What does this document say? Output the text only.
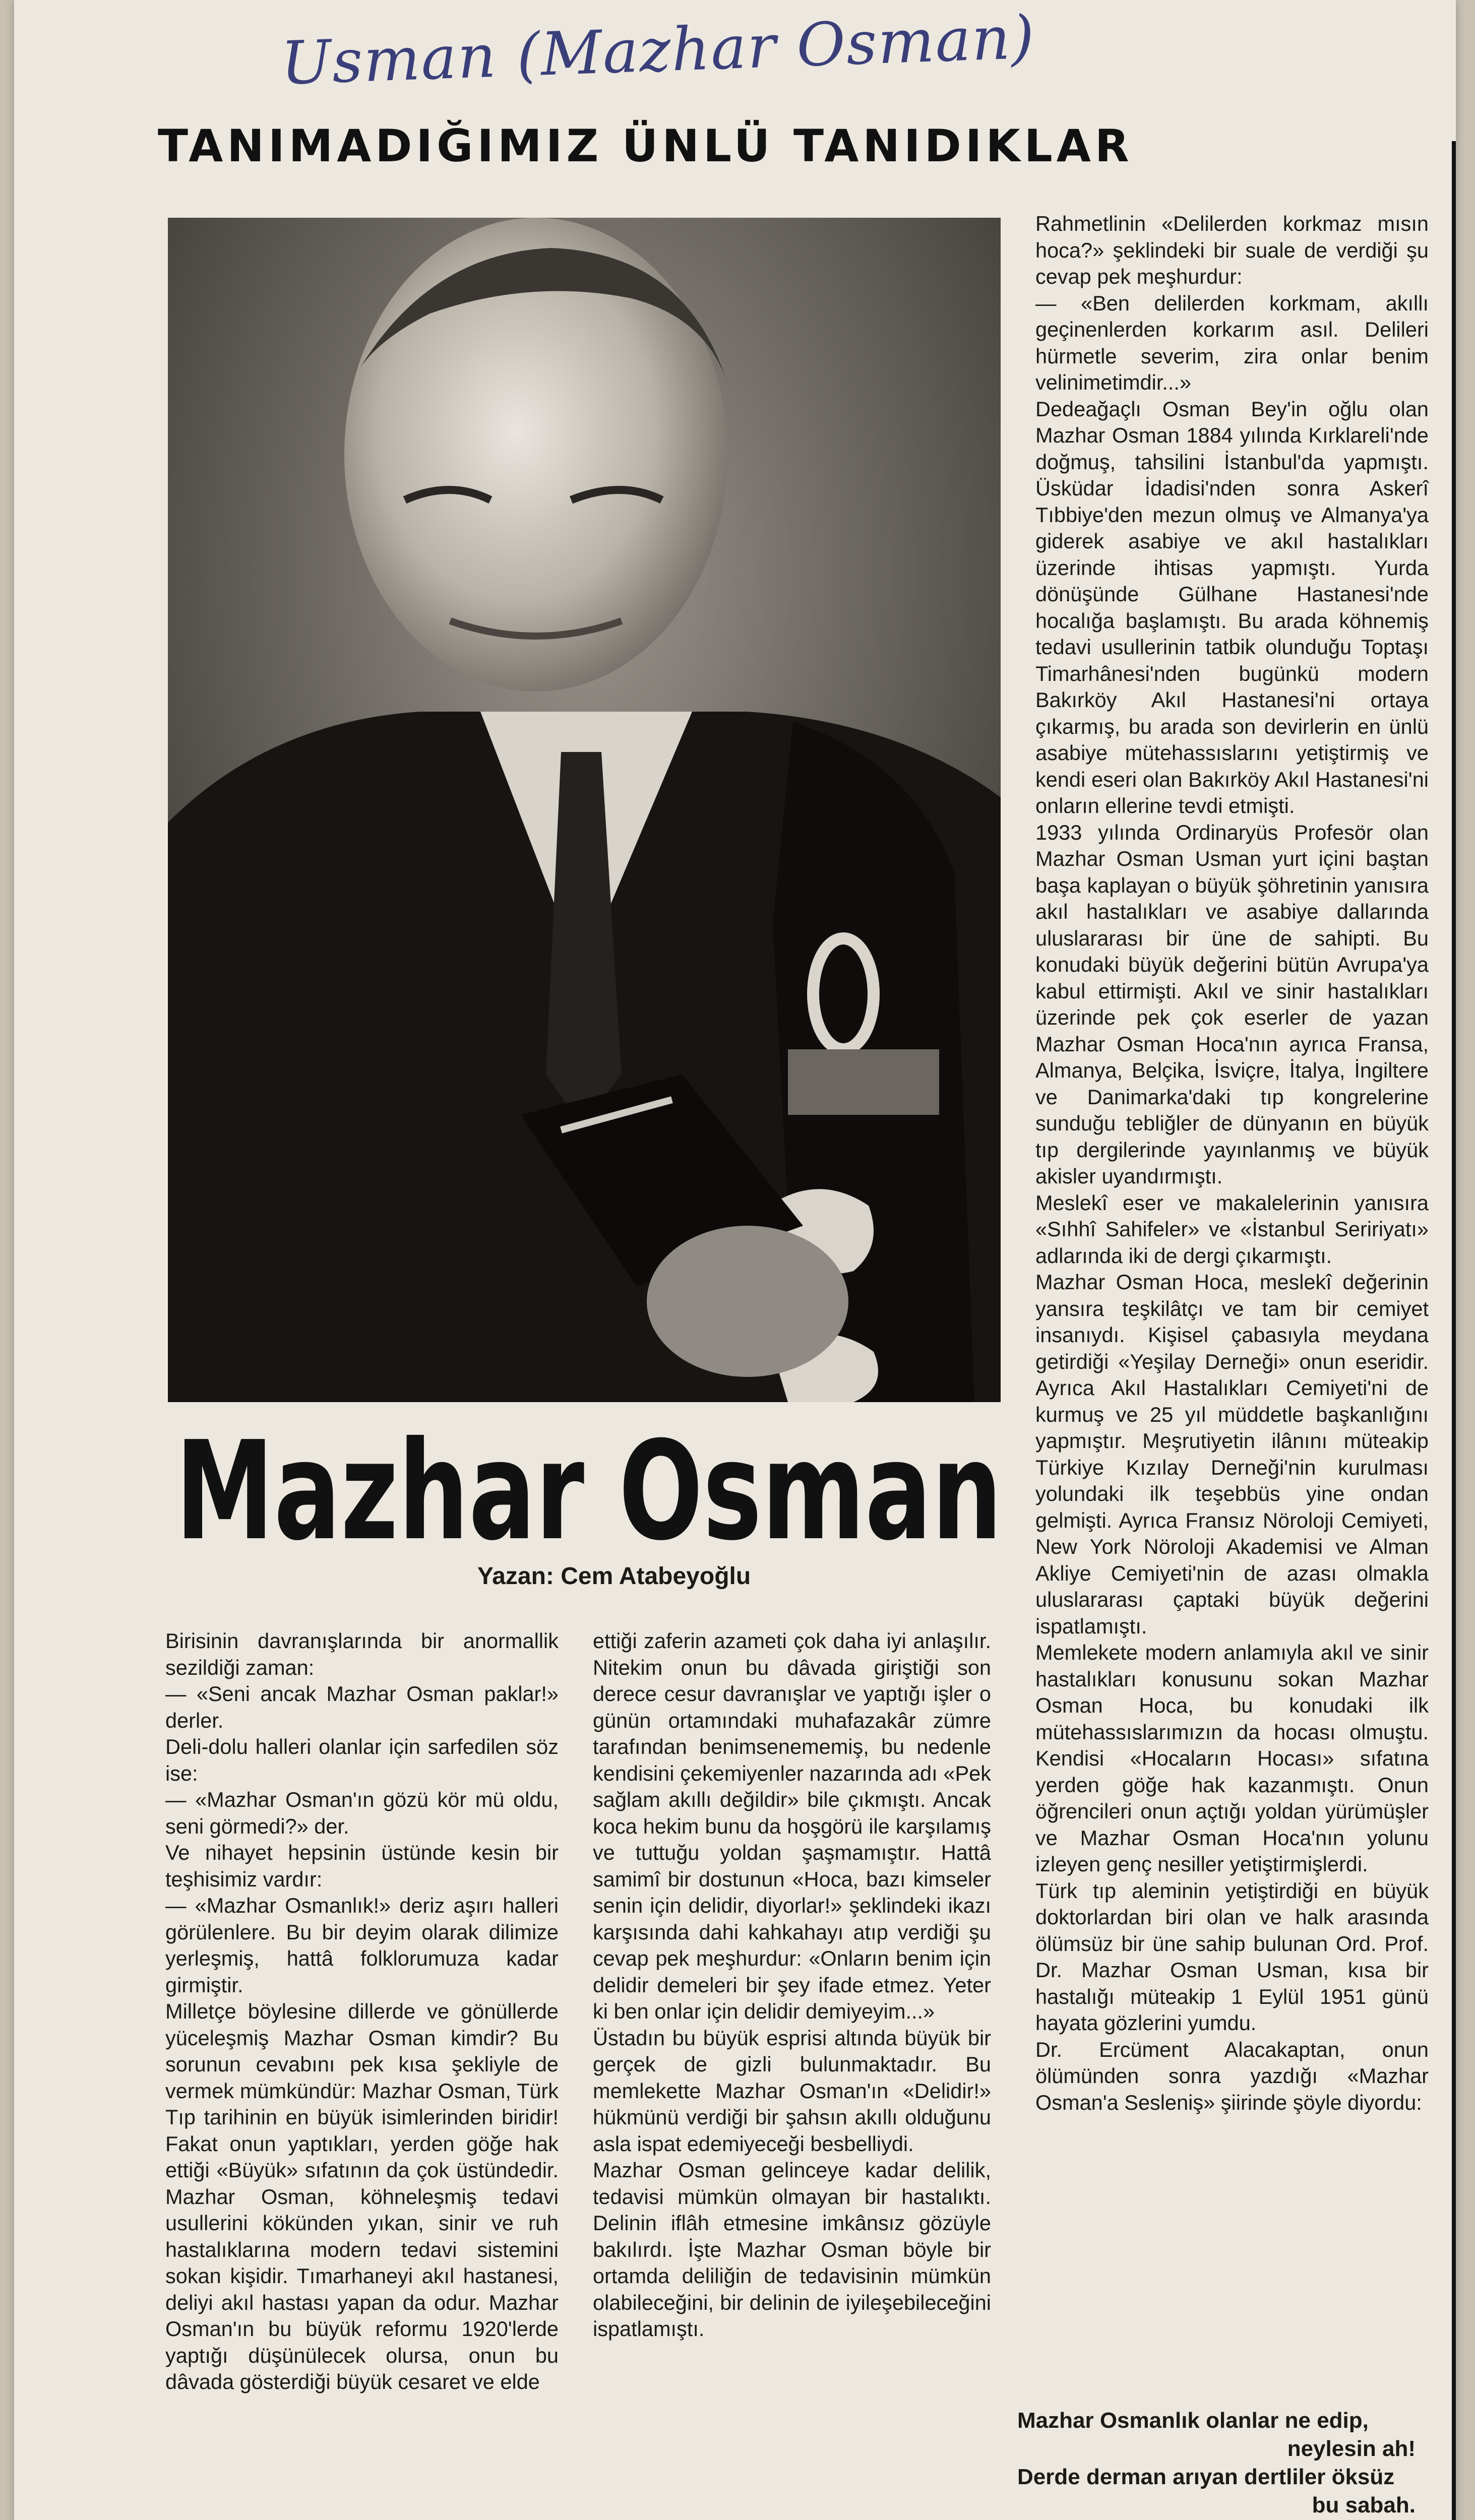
Usman (Mazhar Osman)
TANIMADIĞIMIZ ÜNLÜ TANIDIKLAR
Mazhar Osman
Yazan: Cem Atabeyoğlu

Birisinin davranışlarında bir anormallik sezildiği zaman:

— «Seni ancak Mazhar Osman paklar!» derler.

Deli-dolu halleri olanlar için sarfedilen söz ise:

— «Mazhar Osman'ın gözü kör mü oldu, seni görmedi?» der.

Ve nihayet hepsinin üstünde kesin bir teşhisimiz vardır:

— «Mazhar Osmanlık!» deriz aşırı halleri görülenlere. Bu bir deyim olarak dilimize yerleşmiş, hattâ folklorumuza kadar girmiştir.

Milletçe böylesine dillerde ve gönüllerde yüceleşmiş Mazhar Osman kimdir? Bu sorunun cevabını pek kısa şekliyle de vermek mümkündür: Mazhar Osman, Türk Tıp tarihinin en büyük isimlerinden biridir! Fakat onun yaptıkları, yerden göğe hak ettiği «Büyük» sıfatının da çok üstündedir. Mazhar Osman, köhneleşmiş tedavi usullerini kökünden yıkan, sinir ve ruh hastalıklarına modern tedavi sistemini sokan kişidir. Tımarhaneyi akıl hastanesi, deliyi akıl hastası yapan da odur. Mazhar Osman'ın bu büyük reformu 1920'lerde yaptığı düşünülecek olursa, onun bu dâvada gösterdiği büyük cesaret ve elde

ettiği zaferin azameti çok daha iyi anlaşılır. Nitekim onun bu dâvada giriştiği son derece cesur davranışlar ve yaptığı işler o günün ortamındaki muhafazakâr zümre tarafından benimsenememiş, bu nedenle kendisini çekemiyenler nazarında adı «Pek sağlam akıllı değildir» bile çıkmıştı. Ancak koca hekim bunu da hoşgörü ile karşılamış ve tuttuğu yoldan şaşmamıştır. Hattâ samimî bir dostunun «Hoca, bazı kimseler senin için delidir, diyorlar!» şeklindeki ikazı karşısında dahi kahkahayı atıp verdiği şu cevap pek meşhurdur: «Onların benim için delidir demeleri bir şey ifade etmez. Yeter ki ben onlar için delidir demiyeyim...»

Üstadın bu büyük esprisi altında büyük bir gerçek de gizli bulunmaktadır. Bu memlekette Mazhar Osman'ın «Delidir!» hükmünü verdiği bir şahsın akıllı olduğunu asla ispat edemiyeceği besbelliydi.

Mazhar Osman gelinceye kadar delilik, tedavisi mümkün olmayan bir hastalıktı. Delinin iflâh etmesine imkânsız gözüyle bakılırdı. İşte Mazhar Osman böyle bir ortamda deliliğin de tedavisinin mümkün olabileceğini, bir delinin de iyileşebileceğini ispatlamıştı.

Rahmetlinin «Delilerden korkmaz mısın hoca?» şeklindeki bir suale de verdiği şu cevap pek meşhurdur:

— «Ben delilerden korkmam, akıllı geçinenlerden korkarım asıl. Delileri hürmetle severim, zira onlar benim velinimetimdir...»

Dedeağaçlı Osman Bey'in oğlu olan Mazhar Osman 1884 yılında Kırklareli'nde doğmuş, tahsilini İstanbul'da yapmıştı. Üsküdar İdadisi'nden sonra Askerî Tıbbiye'den mezun olmuş ve Almanya'ya giderek asabiye ve akıl hastalıkları üzerinde ihtisas yapmıştı. Yurda dönüşünde Gülhane Hastanesi'nde hocalığa başlamıştı. Bu arada köhnemiş tedavi usullerinin tatbik olunduğu Toptaşı Timarhânesi'nden bugünkü modern Bakırköy Akıl Hastanesi'ni ortaya çıkarmış, bu arada son devirlerin en ünlü asabiye mütehassıslarını yetiştirmiş ve kendi eseri olan Bakırköy Akıl Hastanesi'ni onların ellerine tevdi etmişti.

1933 yılında Ordinaryüs Profesör olan Mazhar Osman Usman yurt içini baştan başa kaplayan o büyük şöhretinin yanısıra akıl hastalıkları ve asabiye dallarında uluslararası bir üne de sahipti. Bu konudaki büyük değerini bütün Avrupa'ya kabul ettirmişti. Akıl ve sinir hastalıkları üzerinde pek çok eserler de yazan Mazhar Osman Hoca'nın ayrıca Fransa, Almanya, Belçika, İsviçre, İtalya, İngiltere ve Danimarka'daki tıp kongrelerine sunduğu tebliğler de dünyanın en büyük tıp dergilerinde yayınlanmış ve büyük akisler uyandırmıştı.

Meslekî eser ve makalelerinin yanısıra «Sıhhî Sahifeler» ve «İstanbul Seririyatı» adlarında iki de dergi çıkarmıştı.

Mazhar Osman Hoca, meslekî değerinin yansıra teşkilâtçı ve tam bir cemiyet insanıydı. Kişisel çabasıyla meydana getirdiği «Yeşilay Derneği» onun eseridir. Ayrıca Akıl Hastalıkları Cemiyeti'ni de kurmuş ve 25 yıl müddetle başkanlığını yapmıştır. Meşrutiyetin ilânını müteakip Türkiye Kızılay Derneği'nin kurulması yolundaki ilk teşebbüs yine ondan gelmişti. Ayrıca Fransız Nöroloji Cemiyeti, New York Nöroloji Akademisi ve Alman Akliye Cemiyeti'nin de azası olmakla uluslararası çaptaki büyük değerini ispatlamıştı.

Memlekete modern anlamıyla akıl ve sinir hastalıkları konusunu sokan Mazhar Osman Hoca, bu konudaki ilk mütehassıslarımızın da hocası olmuştu. Kendisi «Hocaların Hocası» sıfatına yerden göğe hak kazanmıştı. Onun öğrencileri onun açtığı yoldan yürümüşler ve Mazhar Osman Hoca'nın yolunu izleyen genç nesiller yetiştirmişlerdi.

Türk tıp aleminin yetiştirdiği en büyük doktorlardan biri olan ve halk arasında ölümsüz bir üne sahip bulunan Ord. Prof. Dr. Mazhar Osman Usman, kısa bir hastalığı müteakip 1 Eylül 1951 günü hayata gözlerini yumdu.

Dr. Ercüment Alacakaptan, onun ölümünden sonra yazdığı «Mazhar Osman'a Sesleniş» şiirinde şöyle diyordu:

Mazhar Osmanlık olanlar ne edip,
neylesin ah!
Derde derman arıyan dertliler öksüz
bu sabah.
